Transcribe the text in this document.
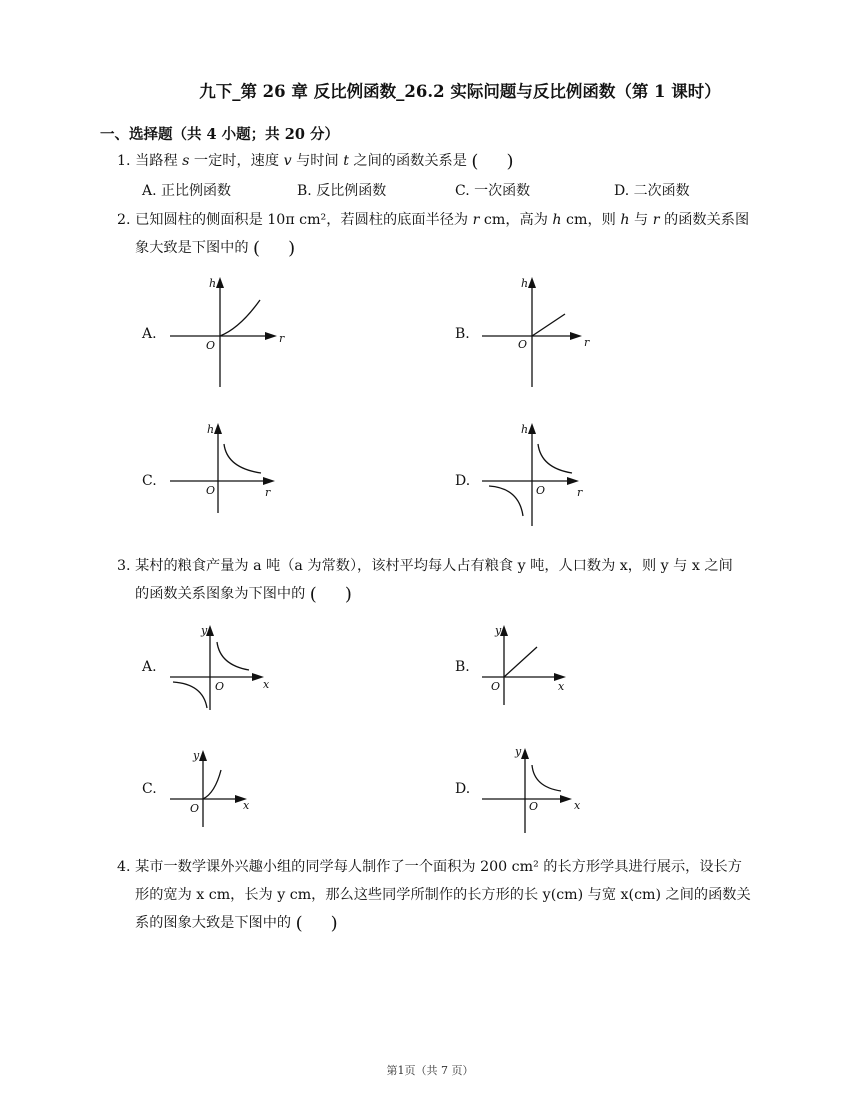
九下_第 26 章 反比例函数_26.2 实际问题与反比例函数（第 1 课时）
一、选择题（共 4 小题；共 20 分）
1. 当路程 s 一定时，速度 v 与时间 t 之间的函数关系是 ( )
A. 正比例函数	B. 反比例函数	C. 一次函数	D. 二次函数
2. 已知圆柱的侧面积是 10π cm²，若圆柱的底面半径为 r cm，高为 h cm，则 h 与 r 的函数关系图
象大致是下图中的 ( )
A.	B.
C.	D.
h
r
O
h
r
O
h
r
O
h
r
O
3. 某村的粮食产量为 a 吨（a 为常数），该村平均每人占有粮食 y 吨，人口数为 x，则 y 与 x 之间
的函数关系图象为下图中的 ( )
A.	B.
C.	D.
y
x
O
y
x
O
y
x
O
y
x
O
4. 某市一数学课外兴趣小组的同学每人制作了一个面积为 200 cm² 的长方形学具进行展示，设长方
形的宽为 x cm，长为 y cm，那么这些同学所制作的长方形的长 y(cm) 与宽 x(cm) 之间的函数关
系的图象大致是下图中的 ( )
第1页（共 7 页）
